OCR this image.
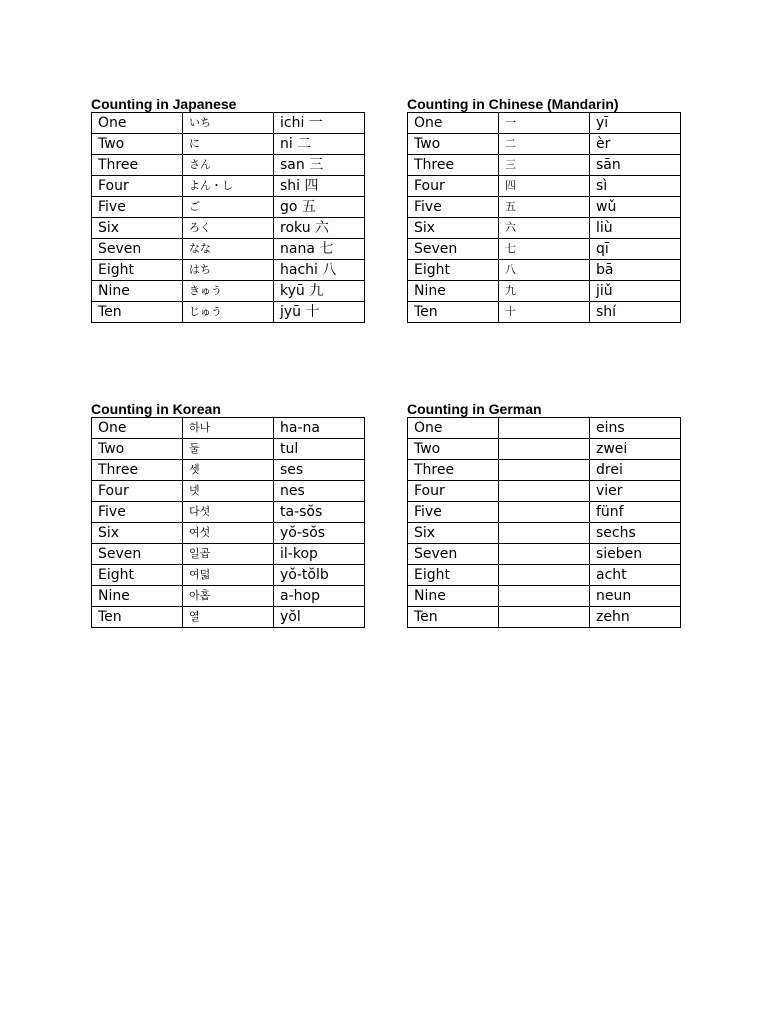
Counting in Japanese
One	いち	ichi 一
Two	に	ni 二
Three	さん	san 三
Four	よん・し	shi 四
Five	ご	go 五
Six	ろく	roku 六
Seven	なな	nana 七
Eight	はち	hachi 八
Nine	きゅう	kyū 九
Ten	じゅう	jyū 十
Counting in Chinese (Mandarin)
One	一	yī
Two	二	èr
Three	三	sān
Four	四	sì
Five	五	wǔ
Six	六	liù
Seven	七	qī
Eight	八	bā
Nine	九	jiǔ
Ten	十	shí
Counting in Korean
One	하나	ha-na
Two	둘	tul
Three	셋	ses
Four	넷	nes
Five	다섯	ta-sŏs
Six	여섯	yŏ-sŏs
Seven	일곱	il-kop
Eight	여덟	yŏ-tŏlb
Nine	아홉	a-hop
Ten	열	yŏl
Counting in German
One		eins
Two		zwei
Three		drei
Four		vier
Five		fünf
Six		sechs
Seven		sieben
Eight		acht
Nine		neun
Ten		zehn
